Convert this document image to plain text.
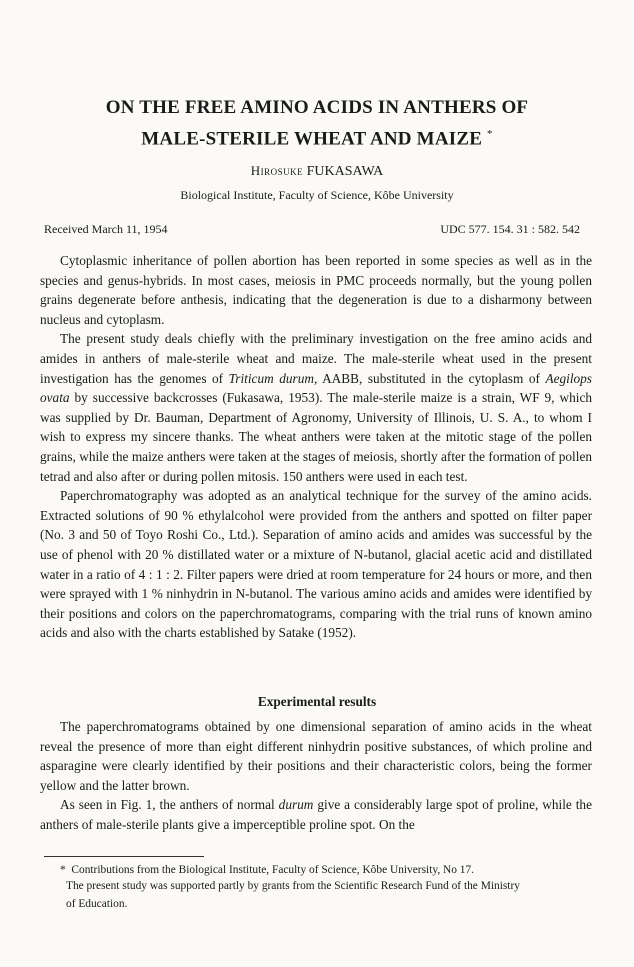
ON THE FREE AMINO ACIDS IN ANTHERS OF
MALE-STERILE WHEAT AND MAIZE *
Hirosuke FUKASAWA
Biological Institute, Faculty of Science, Kôbe University
Received March 11, 1954	UDC 577. 154. 31 : 582. 542

Cytoplasmic inheritance of pollen abortion has been reported in some species as well as in the species and genus-hybrids. In most cases, meiosis in PMC proceeds normally, but the young pollen grains degenerate before anthesis, indicating that the degeneration is due to a disharmony between nucleus and cytoplasm.

The present study deals chiefly with the preliminary investigation on the free amino acids and amides in anthers of male-sterile wheat and maize. The male-sterile wheat used in the present investigation has the genomes of Triticum durum, AABB, substituted in the cytoplasm of Aegilops ovata by successive backcrosses (Fukasawa, 1953). The male-sterile maize is a strain, WF 9, which was supplied by Dr. Bauman, Department of Agronomy, University of Illinois, U. S. A., to whom I wish to express my sincere thanks. The wheat anthers were taken at the mitotic stage of the pollen grains, while the maize anthers were taken at the stages of meiosis, shortly after the formation of pollen tetrad and also after or during pollen mitosis. 150 anthers were used in each test.

Paperchromatography was adopted as an analytical technique for the survey of the amino acids. Extracted solutions of 90 % ethylalcohol were provided from the anthers and spotted on filter paper (No. 3 and 50 of Toyo Roshi Co., Ltd.). Separation of amino acids and amides was successful by the use of phenol with 20 % distillated water or a mixture of N-butanol, glacial acetic acid and distillated water in a ratio of 4 : 1 : 2. Filter papers were dried at room temperature for 24 hours or more, and then were sprayed with 1 % ninhydrin in N-butanol. The various amino acids and amides were identified by their positions and colors on the paperchromatograms, comparing with the trial runs of known amino acids and also with the charts established by Satake (1952).

Experimental results

The paperchromatograms obtained by one dimensional separation of amino acids in the wheat reveal the presence of more than eight different ninhydrin positive substances, of which proline and asparagine were clearly identified by their positions and their characteristic colors, being the former yellow and the latter brown.

As seen in Fig. 1, the anthers of normal durum give a considerably large spot of proline, while the anthers of male-sterile plants give a imperceptible proline spot. On the

* Contributions from the Biological Institute, Faculty of Science, Kôbe University, No 17.
The present study was supported partly by grants from the Scientific Research Fund of the Ministry
of Education.
